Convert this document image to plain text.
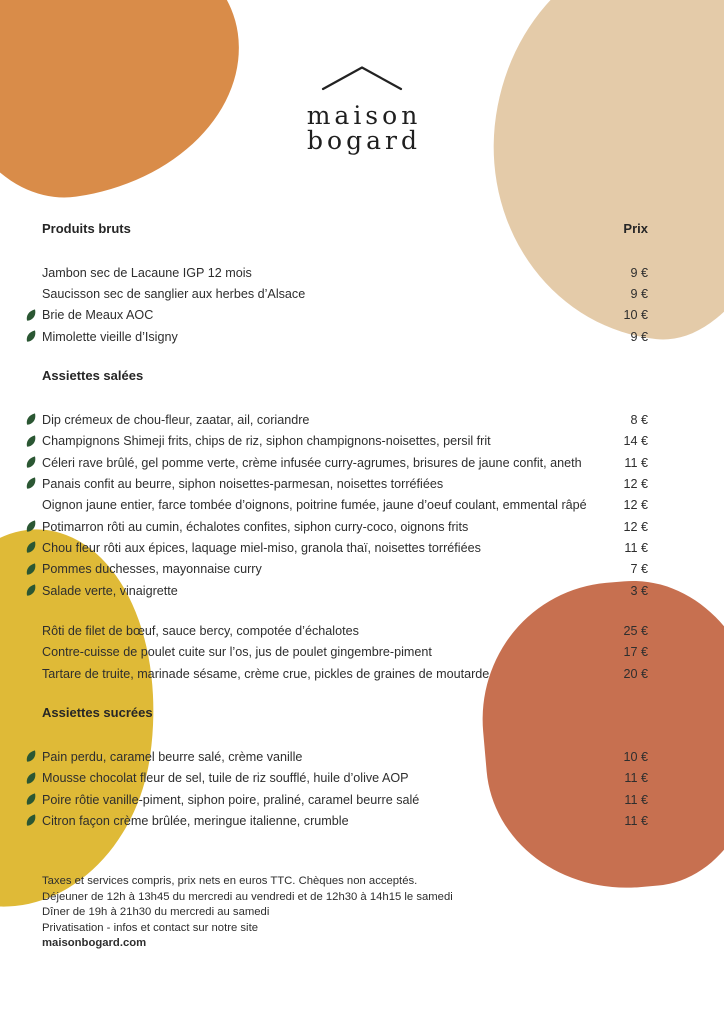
maison
bogard
Produits bruts	Prix
Jambon sec de Lacaune IGP 12 mois	9 €
Saucisson sec de sanglier aux herbes d’Alsace	9 €
Brie de Meaux AOC	10 €
Mimolette vieille d’Isigny	9 €
Assiettes salées
Dip crémeux de chou-fleur, zaatar, ail, coriandre	8 €
Champignons Shimeji frits, chips de riz, siphon champignons-noisettes, persil frit	14 €
Céleri rave brûlé, gel pomme verte, crème infusée curry-agrumes, brisures de jaune confit, aneth	11 €
Panais confit au beurre, siphon noisettes-parmesan, noisettes torréfiées	12 €
Oignon jaune entier, farce tombée d’oignons, poitrine fumée, jaune d’oeuf coulant, emmental râpé	12 €
Potimarron rôti au cumin, échalotes confites, siphon curry-coco, oignons frits	12 €
Chou fleur rôti aux épices, laquage miel-miso, granola thaï, noisettes torréfiées	11 €
Pommes duchesses, mayonnaise curry	7 €
Salade verte, vinaigrette	3 €
Rôti de filet de bœuf, sauce bercy, compotée d’échalotes	25 €
Contre-cuisse de poulet cuite sur l’os, jus de poulet gingembre-piment	17 €
Tartare de truite, marinade sésame, crème crue, pickles de graines de moutarde	20 €
Assiettes sucrées
Pain perdu, caramel beurre salé, crème vanille	10 €
Mousse chocolat fleur de sel, tuile de riz soufflé, huile d’olive AOP	11 €
Poire rôtie vanille-piment, siphon poire, praliné, caramel beurre salé	11 €
Citron façon crème brûlée, meringue italienne, crumble	11 €
Taxes et services compris, prix nets en euros TTC. Chèques non acceptés.
Déjeuner de 12h à 13h45 du mercredi au vendredi et de 12h30 à 14h15 le samedi
Dîner de 19h à 21h30 du mercredi au samedi
Privatisation - infos et contact sur notre site
maisonbogard.com
